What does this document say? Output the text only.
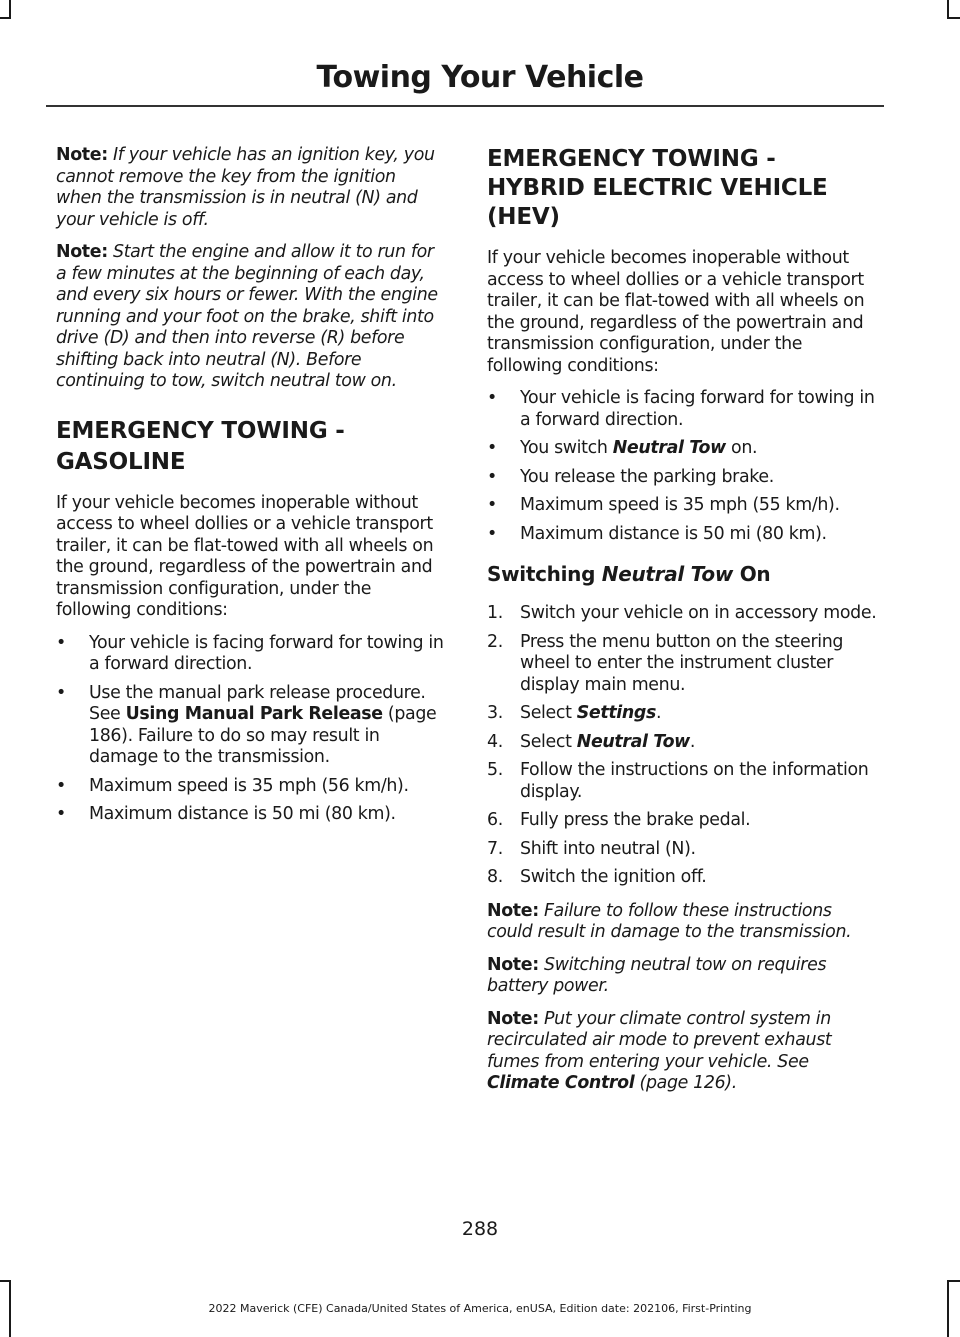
Towing Your Vehicle

Note: If your vehicle has an ignition key, you cannot remove the key from the ignition when the transmission is in neutral (N) and your vehicle is off.

Note: Start the engine and allow it to run for a few minutes at the beginning of each day, and every six hours or fewer. With the engine running and your foot on the brake, shift into drive (D) and then into reverse (R) before shifting back into neutral (N). Before continuing to tow, switch neutral tow on.

EMERGENCY TOWING -
GASOLINE

If your vehicle becomes inoperable without access to wheel dollies or a vehicle transport trailer, it can be flat-towed with all wheels on the ground, regardless of the powertrain and transmission configuration, under the following conditions:

• Your vehicle is facing forward for towing in a forward direction.
• Use the manual park release procedure. See Using Manual Park Release (page 186). Failure to do so may result in damage to the transmission.
• Maximum speed is 35 mph (56 km/h).
• Maximum distance is 50 mi (80 km).
EMERGENCY TOWING -
HYBRID ELECTRIC VEHICLE
(HEV)

If your vehicle becomes inoperable without access to wheel dollies or a vehicle transport trailer, it can be flat-towed with all wheels on the ground, regardless of the powertrain and transmission configuration, under the following conditions:

• Your vehicle is facing forward for towing in a forward direction.
• You switch Neutral Tow on.
• You release the parking brake.
• Maximum speed is 35 mph (55 km/h).
• Maximum distance is 50 mi (80 km).
Switching Neutral Tow On
1. Switch your vehicle on in accessory mode.
2. Press the menu button on the steering wheel to enter the instrument cluster display main menu.
3. Select Settings.
4. Select Neutral Tow.
5. Follow the instructions on the information display.
6. Fully press the brake pedal.
7. Shift into neutral (N).
8. Switch the ignition off.

Note: Failure to follow these instructions could result in damage to the transmission.

Note: Switching neutral tow on requires battery power.

Note: Put your climate control system in recirculated air mode to prevent exhaust fumes from entering your vehicle. See Climate Control (page 126).

288
2022 Maverick (CFE) Canada/United States of America, enUSA, Edition date: 202106, First-Printing
